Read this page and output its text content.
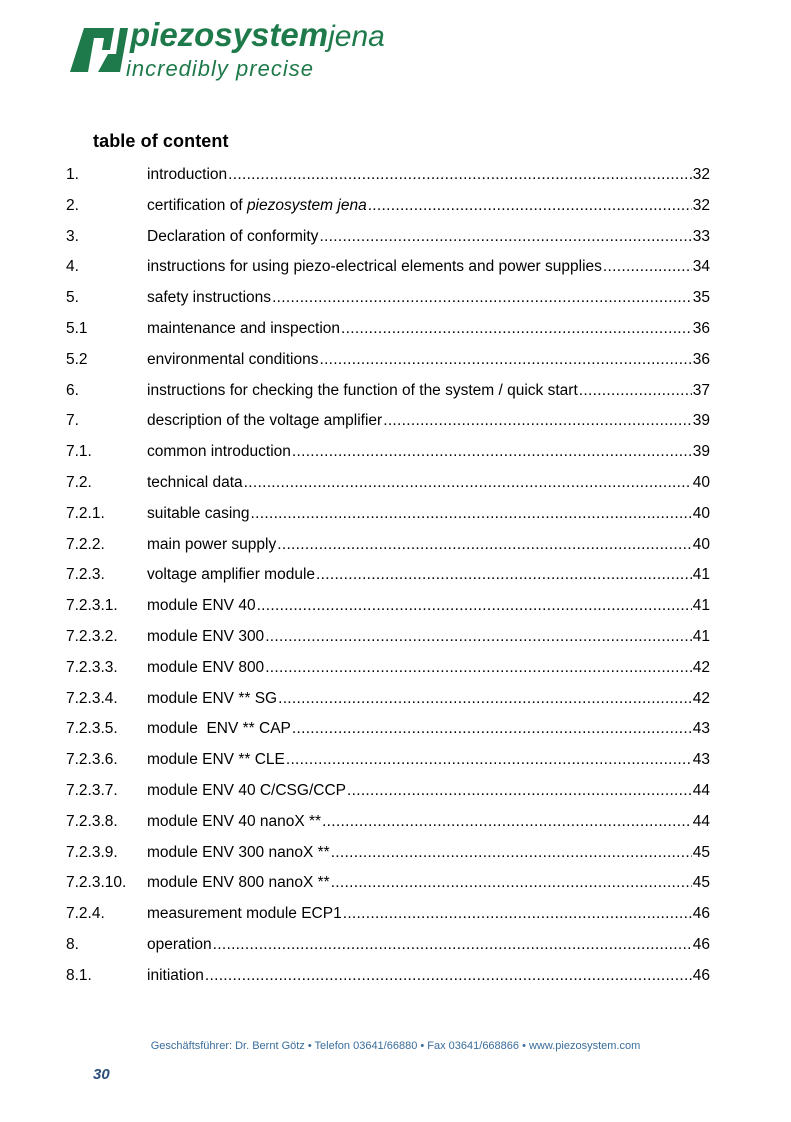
piezosystemjena
incredibly precise
table of content
1.	introduction .....	32
2.	certification of piezosystem jena .....	32
3.	Declaration of conformity .....	33
4.	instructions for using piezo-electrical elements and power supplies .....	34
5.	safety instructions .....	35
5.1	maintenance and inspection .....	36
5.2	environmental conditions .....	36
6.	instructions for checking the function of the system / quick start .....	37
7.	description of the voltage amplifier .....	39
7.1.	common introduction .....	39
7.2.	technical data .....	40
7.2.1.	suitable casing .....	40
7.2.2.	main power supply .....	40
7.2.3.	voltage amplifier module .....	41
7.2.3.1.	module ENV 40 .....	41
7.2.3.2.	module ENV 300 .....	41
7.2.3.3.	module ENV 800 .....	42
7.2.3.4.	module ENV ** SG .....	42
7.2.3.5.	module  ENV ** CAP .....	43
7.2.3.6.	module ENV ** CLE .....	43
7.2.3.7.	module ENV 40 C/CSG/CCP .....	44
7.2.3.8.	module ENV 40 nanoX ** .....	44
7.2.3.9.	module ENV 300 nanoX ** .....	45
7.2.3.10.	module ENV 800 nanoX ** .....	45
7.2.4.	measurement module ECP1 .....	46
8.	operation .....	46
8.1.	initiation .....	46
Geschäftsführer: Dr. Bernt Götz • Telefon 03641/66880 • Fax 03641/668866 • www.piezosystem.com
30
